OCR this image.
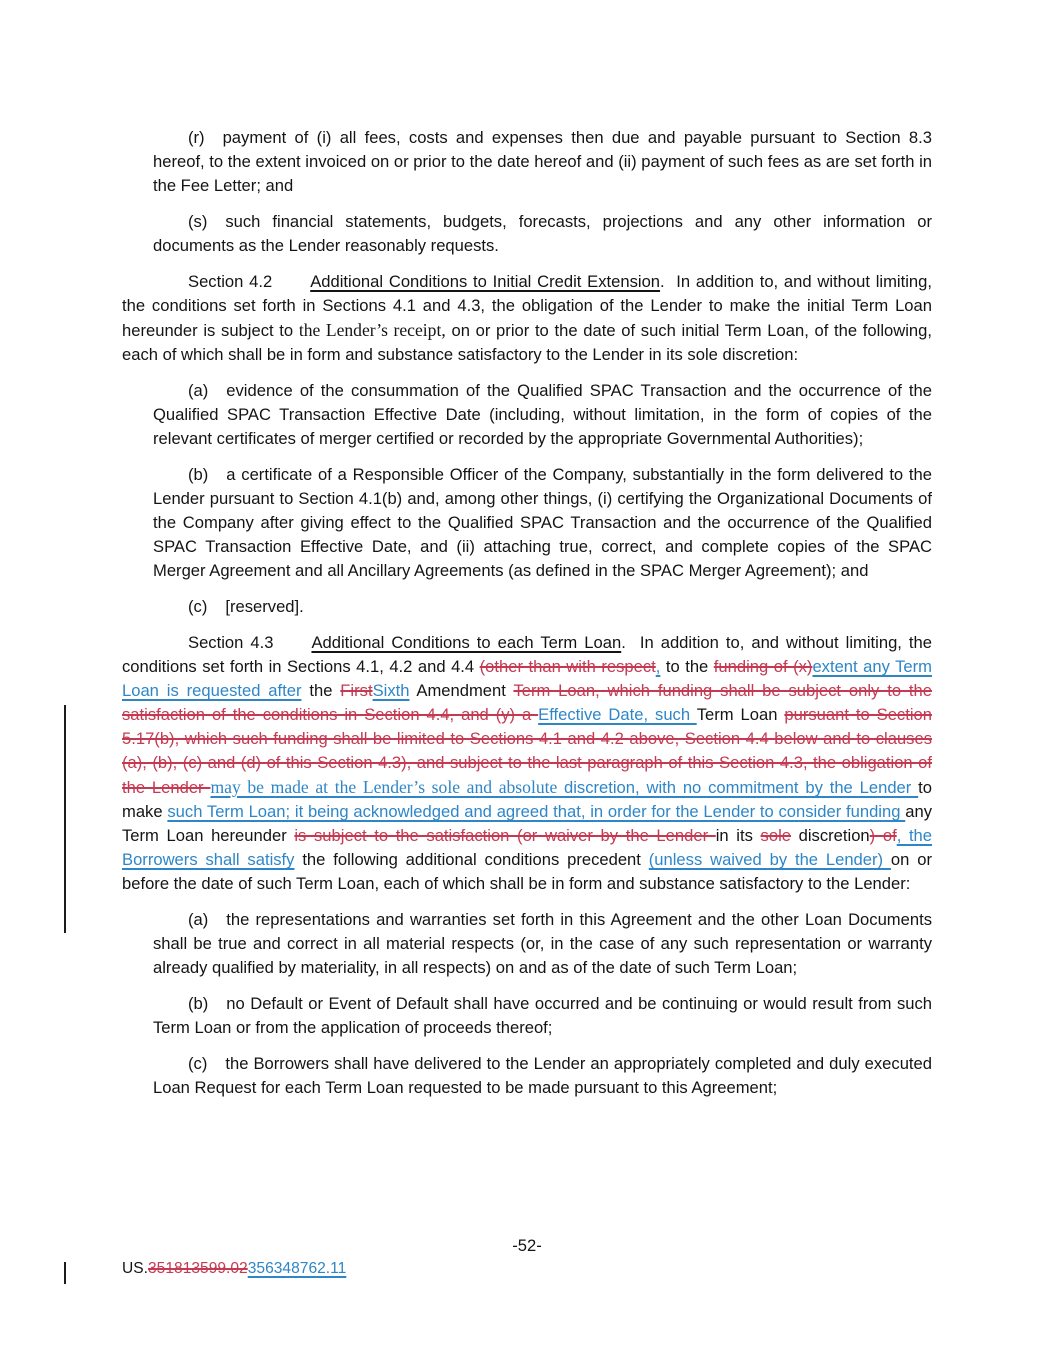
(r) payment of (i) all fees, costs and expenses then due and payable pursuant to Section 8.3 hereof, to the extent invoiced on or prior to the date hereof and (ii) payment of such fees as are set forth in the Fee Letter; and

(s) such financial statements, budgets, forecasts, projections and any other information or documents as the Lender reasonably requests.

Section 4.2 Additional Conditions to Initial Credit Extension.  In addition to, and without limiting, the conditions set forth in Sections 4.1 and 4.3, the obligation of the Lender to make the initial Term Loan hereunder is subject to the Lender’s receipt, on or prior to the date of such initial Term Loan, of the following, each of which shall be in form and substance satisfactory to the Lender in its sole discretion:

(a) evidence of the consummation of the Qualified SPAC Transaction and the occurrence of the Qualified SPAC Transaction Effective Date (including, without limitation, in the form of copies of the relevant certificates of merger certified or recorded by the appropriate Governmental Authorities);

(b) a certificate of a Responsible Officer of the Company, substantially in the form delivered to the Lender pursuant to Section 4.1(b) and, among other things, (i) certifying the Organizational Documents of the Company after giving effect to the Qualified SPAC Transaction and the occurrence of the Qualified SPAC Transaction Effective Date, and (ii) attaching true, correct, and complete copies of the SPAC Merger Agreement and all Ancillary Agreements (as defined in the SPAC Merger Agreement); and

(c) [reserved].

Section 4.3 Additional Conditions to each Term Loan.  In addition to, and without limiting, the conditions set forth in Sections 4.1, 4.2 and 4.4 (other than with respect, to the funding of (x)extent any Term Loan is requested after the FirstSixth Amendment Term Loan, which funding shall be subject only to the satisfaction of the conditions in Section 4.4, and (y) a Effective Date, such Term Loan pursuant to Section 5.17(b), which such funding shall be limited to Sections 4.1 and 4.2 above, Section 4.4 below and to clauses (a), (b), (c) and (d) of this Section 4.3), and subject to the last paragraph of this Section 4.3, the obligation of the Lender may be made at the Lender’s sole and absolute discretion, with no commitment by the Lender to make such Term Loan; it being acknowledged and agreed that, in order for the Lender to consider funding any Term Loan hereunder is subject to the satisfaction (or waiver by the Lender in its sole discretion) of, the Borrowers shall satisfy the following additional conditions precedent (unless waived by the Lender) on or before the date of such Term Loan, each of which shall be in form and substance satisfactory to the Lender:

(a) the representations and warranties set forth in this Agreement and the other Loan Documents shall be true and correct in all material respects (or, in the case of any such representation or warranty already qualified by materiality, in all respects) on and as of the date of such Term Loan;

(b) no Default or Event of Default shall have occurred and be continuing or would result from such Term Loan or from the application of proceeds thereof;

(c) the Borrowers shall have delivered to the Lender an appropriately completed and duly executed Loan Request for each Term Loan requested to be made pursuant to this Agreement;

-52-
US.351813599.02356348762.11
